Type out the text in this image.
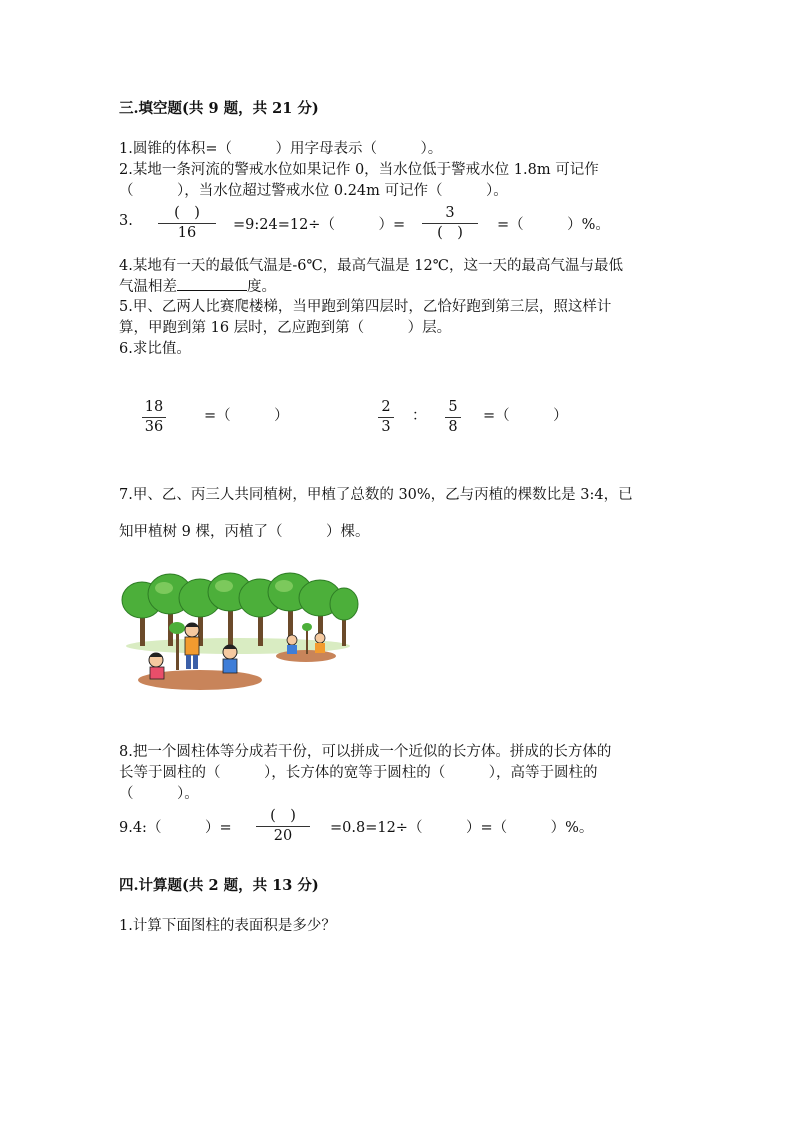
三.填空题(共 9 题，共 21 分)
1.圆锥的体积=（　　　）用字母表示（　　　）。
2.某地一条河流的警戒水位如果记作 0，当水位低于警戒水位 1.8m 可记作
（　　　），当水位超过警戒水位 0.24m 可记作（　　　）。
3.	(　)
16	=9:24=12÷（　　　）=
3
(　)	=（　　　）%。
4.某地有一天的最低气温是-6℃，最高气温是 12℃，这一天的最高气温与最低
气温相差	度。
5.甲、乙两人比赛爬楼梯，当甲跑到第四层时，乙恰好跑到第三层，照这样计
算，甲跑到第 16 层时，乙应跑到第（　　　）层。
6.求比值。
$\frac{18}{36}$	=（　　　）	$\frac{2}{3}$ ： $\frac{5}{8}$ =（　　　）
7.甲、乙、丙三人共同植树，甲植了总数的 30%，乙与丙植的棵数比是 3:4，已
知甲植树 9 棵，丙植了（　　　）棵。
8.把一个圆柱体等分成若干份，可以拼成一个近似的长方体。拼成的长方体的
长等于圆柱的（　　　），长方体的宽等于圆柱的（　　　），高等于圆柱的
（　　　）。
9.4:（　　　）=
(　)
20	=0.8=12÷（　　　）=（　　　）%。
四.计算题(共 2 题，共 13 分)
1.计算下面图柱的表面积是多少？
